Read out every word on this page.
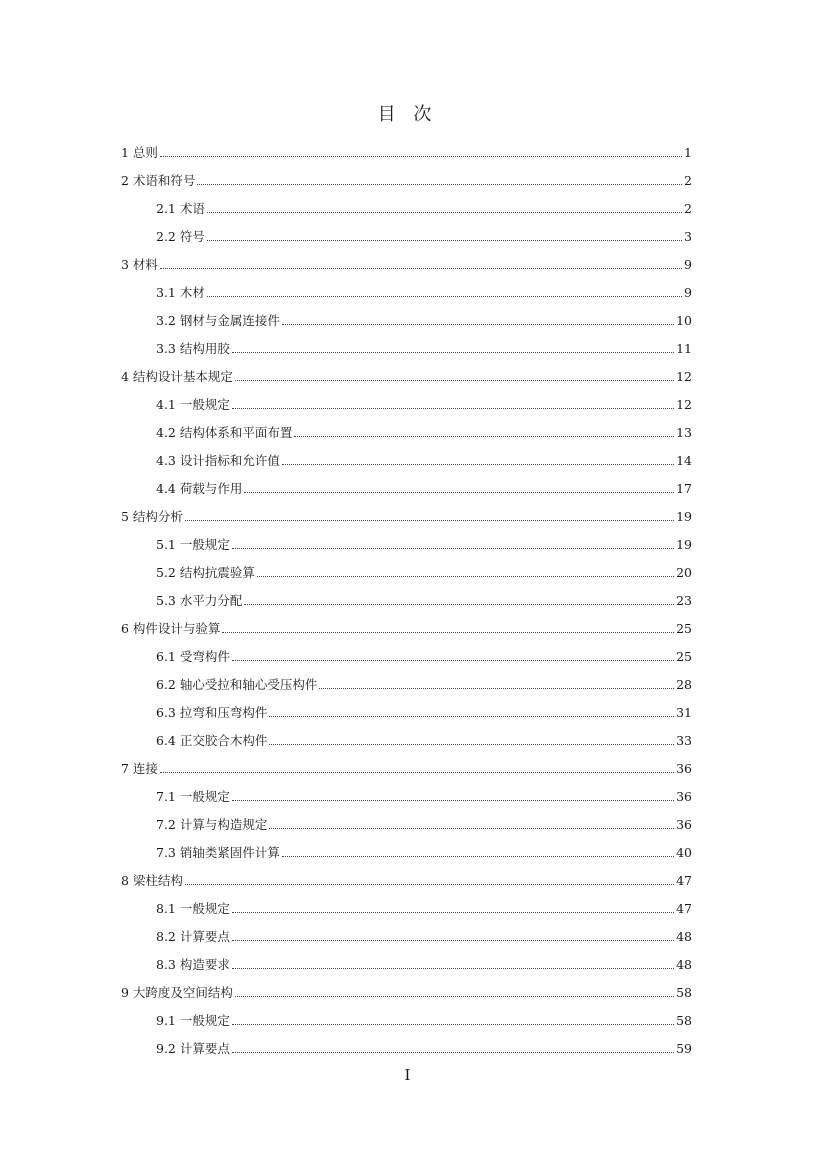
目 次
1 总则	1
2 术语和符号	2
2.1 术语	2
2.2 符号	3
3 材料	9
3.1 木材	9
3.2 钢材与金属连接件	10
3.3 结构用胶	11
4 结构设计基本规定	12
4.1 一般规定	12
4.2 结构体系和平面布置	13
4.3 设计指标和允许值	14
4.4 荷载与作用	17
5 结构分析	19
5.1 一般规定	19
5.2 结构抗震验算	20
5.3 水平力分配	23
6 构件设计与验算	25
6.1 受弯构件	25
6.2 轴心受拉和轴心受压构件	28
6.3 拉弯和压弯构件	31
6.4 正交胶合木构件	33
7 连接	36
7.1 一般规定	36
7.2 计算与构造规定	36
7.3 销轴类紧固件计算	40
8 梁柱结构	47
8.1 一般规定	47
8.2 计算要点	48
8.3 构造要求	48
9 大跨度及空间结构	58
9.1 一般规定	58
9.2 计算要点	59
I
